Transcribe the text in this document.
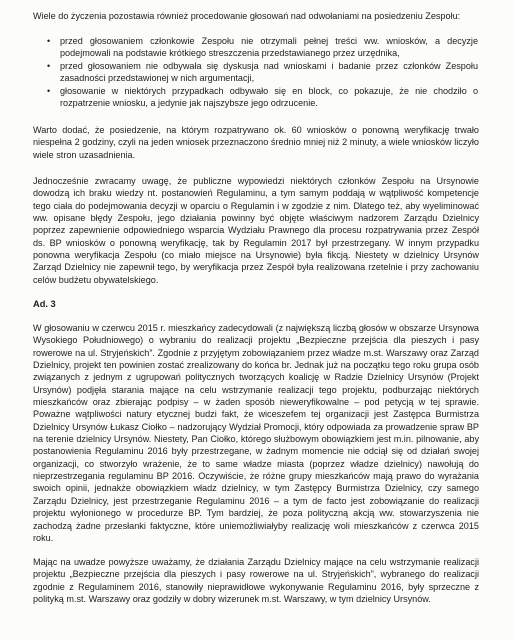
Wiele do życzenia pozostawia również procedowanie głosowań nad odwołaniami na posiedzeniu Zespołu:

• przed głosowaniem członkowie Zespołu nie otrzymali pełnej treści ww. wniosków, a decyzje podejmowali na podstawie krótkiego streszczenia przedstawianego przez urzędnika,

• przed głosowaniem nie odbywała się dyskusja nad wnioskami i badanie przez członków Zespołu zasadności przedstawionej w nich argumentacji,

• głosowanie w niektórych przypadkach odbywało się en block, co pokazuje, że nie chodziło o rozpatrzenie wniosku, a jedynie jak najszybsze jego odrzucenie.

Warto dodać, że posiedzenie, na którym rozpatrywano ok. 60 wniosków o ponowną weryfikację trwało niespełna 2 godziny, czyli na jeden wniosek przeznaczono średnio mniej niż 2 minuty, a wiele wniosków liczyło wiele stron uzasadnienia.

Jednocześnie zwracamy uwagę, że publiczne wypowiedzi niektórych członków Zespołu na Ursynowie dowodzą ich braku wiedzy nt. postanowień Regulaminu, a tym samym poddają w wątpliwość kompetencje tego ciała do podejmowania decyzji w oparciu o Regulamin i w zgodzie z nim. Dlatego też, aby wyeliminować ww. opisane błędy Zespołu, jego działania powinny być objęte właściwym nadzorem Zarządu Dzielnicy poprzez zapewnienie odpowiedniego wsparcia Wydziału Prawnego dla procesu rozpatrywania przez Zespół ds. BP wniosków o ponowną weryfikację, tak by Regulamin 2017 był przestrzegany. W innym przypadku ponowna weryfikacja Zespołu (co miało miejsce na Ursynowie) była fikcją. Niestety w dzielnicy Ursynów Zarząd Dzielnicy nie zapewnił tego, by weryfikacja przez Zespół była realizowana rzetelnie i przy zachowaniu celów budżetu obywatelskiego.

Ad. 3

W głosowaniu w czerwcu 2015 r. mieszkańcy zadecydowali (z największą liczbą głosów w obszarze Ursynowa Wysokiego Południowego) o wybraniu do realizacji projektu „Bezpieczne przejścia dla pieszych i pasy rowerowe na ul. Stryjeńskich”. Zgodnie z przyjętym zobowiązaniem przez władze m.st. Warszawy oraz Zarząd Dzielnicy, projekt ten powinien zostać zrealizowany do końca br. Jednak już na początku tego roku grupa osób związanych z jednym z ugrupowań politycznych tworzących koalicję w Radzie Dzielnicy Ursynów (Projekt Ursynów) podjęła starania mające na celu wstrzymanie realizacji tego projektu, podburzając niektórych mieszkańców oraz zbierając podpisy – w żaden sposób nieweryfikowalne – pod petycją w tej sprawie. Poważne wątpliwości natury etycznej budzi fakt, że wiceszefem tej organizacji jest Zastępca Burmistrza Dzielnicy Ursynów Łukasz Ciołko – nadzorujący Wydział Promocji, który odpowiada za prowadzenie spraw BP na terenie dzielnicy Ursynów. Niestety, Pan Ciołko, którego służbowym obowiązkiem jest m.in. pilnowanie, aby postanowienia Regulaminu 2016 były przestrzegane, w żadnym momencie nie odciął się od działań swojej organizacji, co stworzyło wrażenie, że to same władze miasta (poprzez władze dzielnicy) nawołują do nieprzestrzegania regulaminu BP 2016. Oczywiście, że różne grupy mieszkańców mają prawo do wyrażania swoich opinii, jednakże obowiązkiem władz dzielnicy, w tym Zastępcy Burmistrza Dzielnicy, czy samego Zarządu Dzielnicy, jest przestrzeganie Regulaminu 2016 – a tym de facto jest zobowiązanie do realizacji projektu wyłonionego w procedurze BP. Tym bardziej, że poza polityczną akcją ww. stowarzyszenia nie zachodzą żadne przesłanki faktyczne, które uniemożliwiałyby realizację woli mieszkańców z czerwca 2015 roku.

Mając na uwadze powyższe uważamy, że działania Zarządu Dzielnicy mające na celu wstrzymanie realizacji projektu „Bezpieczne przejścia dla pieszych i pasy rowerowe na ul. Stryjeńskich”, wybranego do realizacji zgodnie z Regulaminem 2016, stanowiły nieprawidłowe wykonywanie Regulaminu 2016, były sprzeczne z polityką m.st. Warszawy oraz godziły w dobry wizerunek m.st. Warszawy, w tym dzielnicy Ursynów.
